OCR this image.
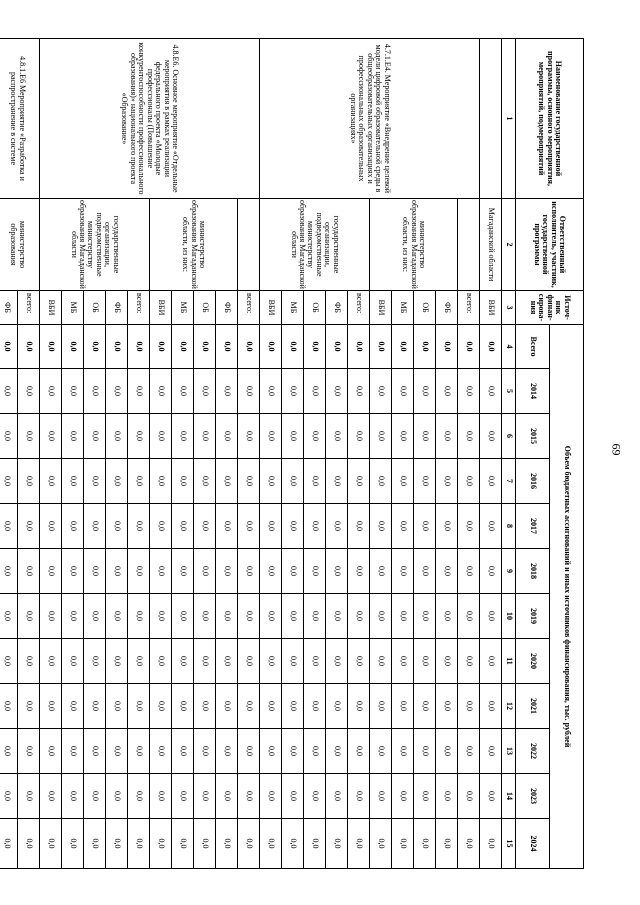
69
Наименование государственной программы, основного мероприятия, мероприятий, подмероприятий	Ответственный исполнитель, участник, государственной программы	Источ-ник финан-сирова-ния	Объем бюджетных ассигнований и иных источников финансирования, тыс. рублей											
			Всего	2014	2015	2016	2017	2018	2019	2020	2021	2022	2023	2024
1	2	3	4	5	6	7	8	9	10	11	12	13	14	15
	Магаданской области	ВБИ	0,0	0,0	0,0	0,0	0,0	0,0	0,0	0,0	0,0	0,0	0,0	0,0
4.7.1.Е4. Мероприятие «Внедрение целевой модели цифровой образовательной среды в общеобразовательных организациях и профессиональных образовательных организациях»		всего:	0,0	0,0	0,0	0,0	0,0	0,0	0,0	0,0	0,0	0,0	0,0	0,0
	министерство образования Магаданской области, из них:	ФБ	0,0	0,0	0,0	0,0	0,0	0,0	0,0	0,0	0,0	0,0	0,0	0,0
		ОБ	0,0	0,0	0,0	0,0	0,0	0,0	0,0	0,0	0,0	0,0	0,0	0,0
		МБ	0,0	0,0	0,0	0,0	0,0	0,0	0,0	0,0	0,0	0,0	0,0	0,0
		ВБИ	0,0	0,0	0,0	0,0	0,0	0,0	0,0	0,0	0,0	0,0	0,0	0,0
	государственные организации, подведомственные министерству образования Магаданской области	всего:	0,0	0,0	0,0	0,0	0,0	0,0	0,0	0,0	0,0	0,0	0,0	0,0
		ФБ	0,0	0,0	0,0	0,0	0,0	0,0	0,0	0,0	0,0	0,0	0,0	0,0
		ОБ	0,0	0,0	0,0	0,0	0,0	0,0	0,0	0,0	0,0	0,0	0,0	0,0
		МБ	0,0	0,0	0,0	0,0	0,0	0,0	0,0	0,0	0,0	0,0	0,0	0,0
		ВБИ	0,0	0,0	0,0	0,0	0,0	0,0	0,0	0,0	0,0	0,0	0,0	0,0
4.8.Е6. Основное мероприятие «Отдельные мероприятия в рамках реализации федерального проекта «Молодые профессионалы (Повышение конкурентоспособности профессионального образования)» национального проекта «Образование»		всего:	0,0	0,0	0,0	0,0	0,0	0,0	0,0	0,0	0,0	0,0	0,0	0,0
	министерство образования Магаданской области, из них:	ФБ	0,0	0,0	0,0	0,0	0,0	0,0	0,0	0,0	0,0	0,0	0,0	0,0
		ОБ	0,0	0,0	0,0	0,0	0,0	0,0	0,0	0,0	0,0	0,0	0,0	0,0
		МБ	0,0	0,0	0,0	0,0	0,0	0,0	0,0	0,0	0,0	0,0	0,0	0,0
		ВБИ	0,0	0,0	0,0	0,0	0,0	0,0	0,0	0,0	0,0	0,0	0,0	0,0
	государственные организации, подведомственные министерству образования Магаданской области	всего:	0,0	0,0	0,0	0,0	0,0	0,0	0,0	0,0	0,0	0,0	0,0	0,0
		ФБ	0,0	0,0	0,0	0,0	0,0	0,0	0,0	0,0	0,0	0,0	0,0	0,0
		ОБ	0,0	0,0	0,0	0,0	0,0	0,0	0,0	0,0	0,0	0,0	0,0	0,0
		МБ	0,0	0,0	0,0	0,0	0,0	0,0	0,0	0,0	0,0	0,0	0,0	0,0
		ВБИ	0,0	0,0	0,0	0,0	0,0	0,0	0,0	0,0	0,0	0,0	0,0	0,0
4.8.1.Е6 Мероприятие «Разработка и распространение в системе	министерство образования	всего:	0,0	0,0	0,0	0,0	0,0	0,0	0,0	0,0	0,0	0,0	0,0	0,0
		ФБ	0,0	0,0	0,0	0,0	0,0	0,0	0,0	0,0	0,0	0,0	0,0	0,0
